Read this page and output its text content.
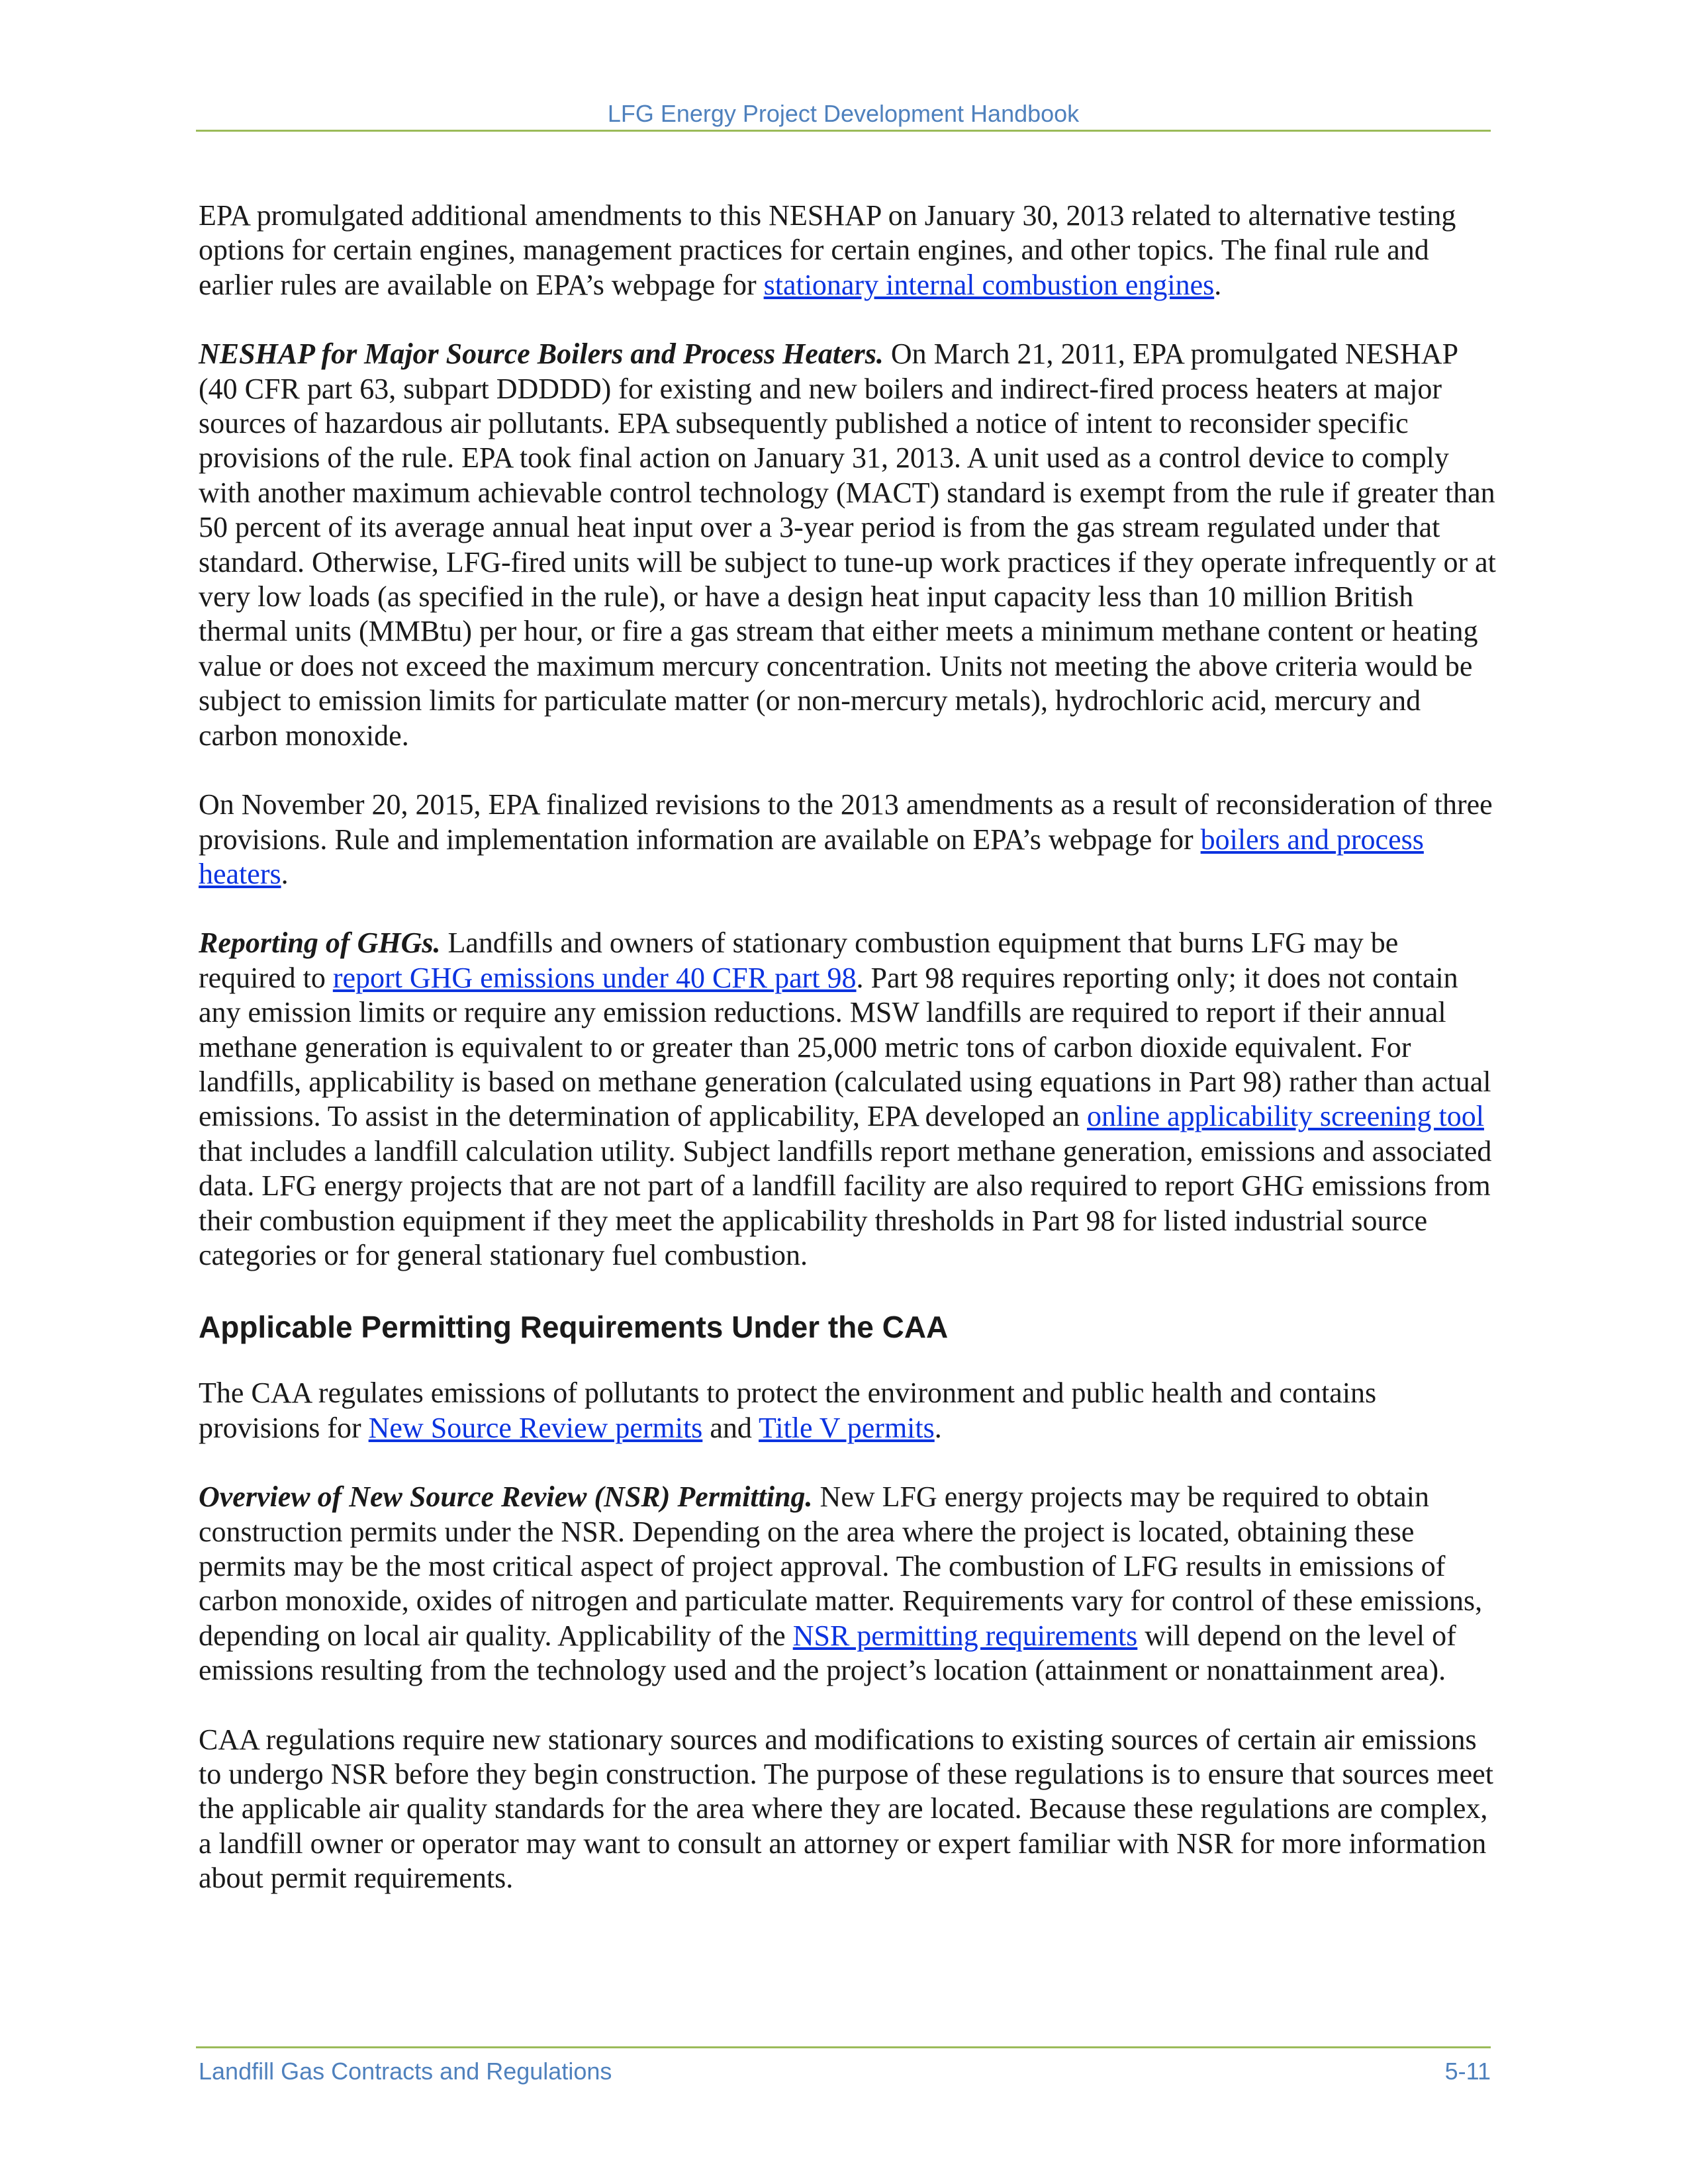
LFG Energy Project Development Handbook

EPA promulgated additional amendments to this NESHAP on January 30, 2013 related to alternative testing options for certain engines, management practices for certain engines, and other topics. The final rule and earlier rules are available on EPA’s webpage for stationary internal combustion engines.

NESHAP for Major Source Boilers and Process Heaters. On March 21, 2011, EPA promulgated NESHAP (40 CFR part 63, subpart DDDDD) for existing and new boilers and indirect-fired process heaters at major sources of hazardous air pollutants. EPA subsequently published a notice of intent to reconsider specific provisions of the rule. EPA took final action on January 31, 2013. A unit used as a control device to comply with another maximum achievable control technology (MACT) standard is exempt from the rule if greater than 50 percent of its average annual heat input over a 3-year period is from the gas stream regulated under that standard. Otherwise, LFG-fired units will be subject to tune-up work practices if they operate infrequently or at very low loads (as specified in the rule), or have a design heat input capacity less than 10 million British thermal units (MMBtu) per hour, or fire a gas stream that either meets a minimum methane content or heating value or does not exceed the maximum mercury concentration. Units not meeting the above criteria would be subject to emission limits for particulate matter (or non-mercury metals), hydrochloric acid, mercury and carbon monoxide.

On November 20, 2015, EPA finalized revisions to the 2013 amendments as a result of reconsideration of three provisions. Rule and implementation information are available on EPA’s webpage for boilers and process heaters.

Reporting of GHGs. Landfills and owners of stationary combustion equipment that burns LFG may be required to report GHG emissions under 40 CFR part 98. Part 98 requires reporting only; it does not contain any emission limits or require any emission reductions. MSW landfills are required to report if their annual methane generation is equivalent to or greater than 25,000 metric tons of carbon dioxide equivalent. For landfills, applicability is based on methane generation (calculated using equations in Part 98) rather than actual emissions. To assist in the determination of applicability, EPA developed an online applicability screening tool that includes a landfill calculation utility. Subject landfills report methane generation, emissions and associated data. LFG energy projects that are not part of a landfill facility are also required to report GHG emissions from their combustion equipment if they meet the applicability thresholds in Part 98 for listed industrial source categories or for general stationary fuel combustion.

Applicable Permitting Requirements Under the CAA

The CAA regulates emissions of pollutants to protect the environment and public health and contains provisions for New Source Review permits and Title V permits.

Overview of New Source Review (NSR) Permitting. New LFG energy projects may be required to obtain construction permits under the NSR. Depending on the area where the project is located, obtaining these permits may be the most critical aspect of project approval. The combustion of LFG results in emissions of carbon monoxide, oxides of nitrogen and particulate matter. Requirements vary for control of these emissions, depending on local air quality. Applicability of the NSR permitting requirements will depend on the level of emissions resulting from the technology used and the project’s location (attainment or nonattainment area).

CAA regulations require new stationary sources and modifications to existing sources of certain air emissions to undergo NSR before they begin construction. The purpose of these regulations is to ensure that sources meet the applicable air quality standards for the area where they are located. Because these regulations are complex, a landfill owner or operator may want to consult an attorney or expert familiar with NSR for more information about permit requirements.

Landfill Gas Contracts and Regulations	5-11
